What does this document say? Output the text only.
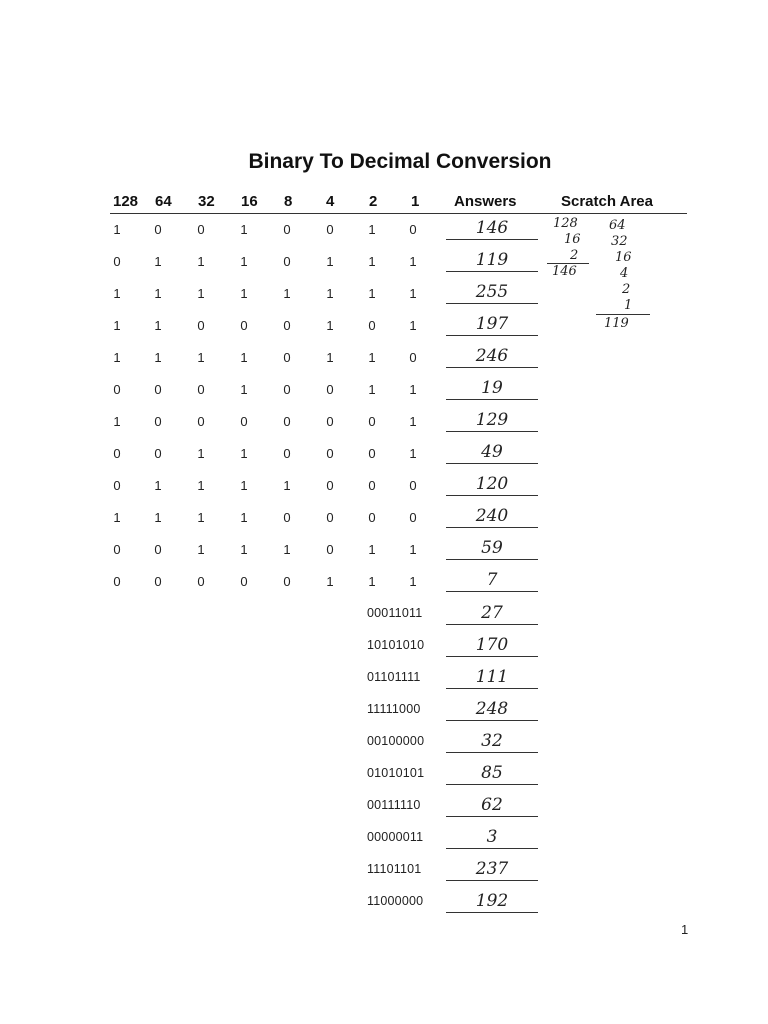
Binary To Decimal Conversion
128 64 32 16 8 4 2 1 Answers	Scratch Area
1	0	0	1	0	0	1	0	146
0	1	1	1	0	1	1	1	119
1	1	1	1	1	1	1	1	255
1	1	0	0	0	1	0	1	197
1	1	1	1	0	1	1	0	246
0	0	0	1	0	0	1	1	19
1	0	0	0	0	0	0	1	129
0	0	1	1	0	0	0	1	49
0	1	1	1	1	0	0	0	120
1	1	1	1	0	0	0	0	240
0	0	1	1	1	0	1	1	59
0	0	0	0	0	1	1	1	7
00011011	27
10101010	170
01101111	111
11111000	248
00100000	32
01010101	85
00111110	62
00000011	3
11101101	237
11000000	192
128
16
2
146
64
32
16
4
2
1
119
1
